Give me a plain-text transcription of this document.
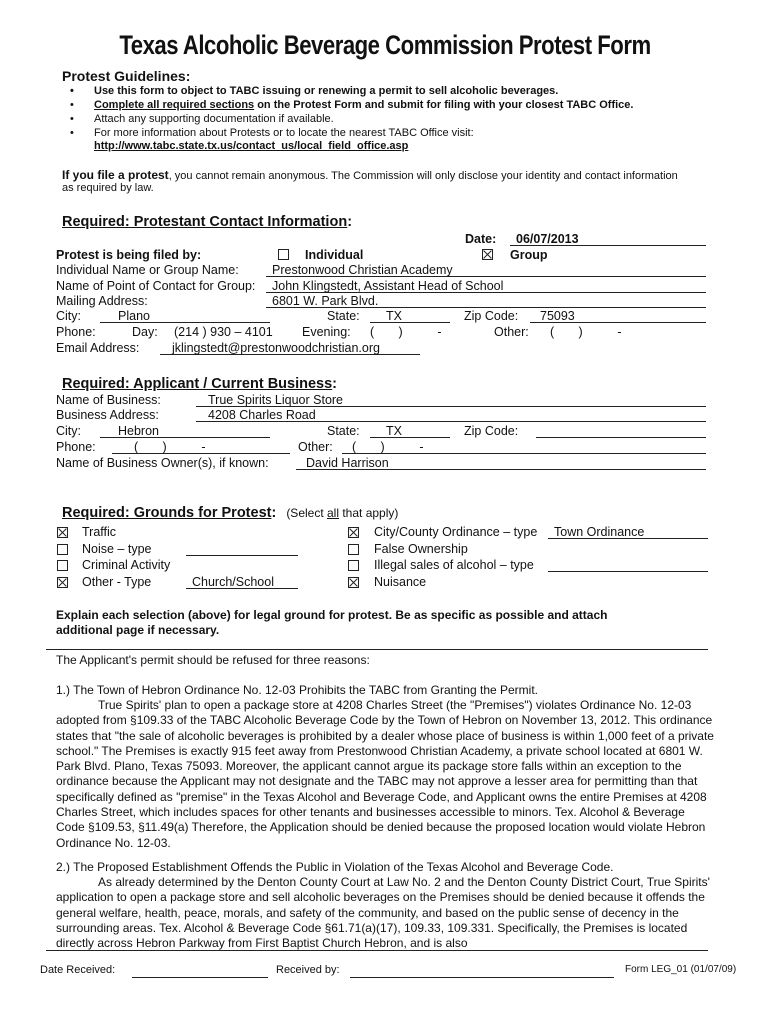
Texas Alcoholic Beverage Commission Protest Form
Protest Guidelines:
• Use this form to object to TABC issuing or renewing a permit to sell alcoholic beverages.
• Complete all required sections on the Protest Form and submit for filing with your closest TABC Office.
• Attach any supporting documentation if available.
• For more information about Protests or to locate the nearest TABC Office visit:
http://www.tabc.state.tx.us/contact_us/local_field_office.asp
If you file a protest, you cannot remain anonymous. The Commission will only disclose your identity and contact information
as required by law.
Required: Protestant Contact Information:
Date:	06/07/2013
Protest is being filed by:	Individual	Group
Individual Name or Group Name:	Prestonwood Christian Academy
Name of Point of Contact for Group:	John Klingstedt, Assistant Head of School
Mailing Address:	6801 W. Park Blvd.
City:	Plano	State:	TX	Zip Code:	75093
Phone:	Day: (214 ) 930 – 4101 Evening: (       )          -	Other: (       )          -
Email Address:	jklingstedt@prestonwoodchristian.org
Required: Applicant / Current Business:
Name of Business:	True Spirits Liquor Store
Business Address:	4208 Charles Road
City:	Hebron	State:	TX	Zip Code:
Phone:	(       )          -	Other:	(       )          -
Name of Business Owner(s), if known:	David Harrison
Required: Grounds for Protest: (Select all that apply)
Traffic
Noise – type
Criminal Activity
Other - Type	Church/School
City/County Ordinance – type	Town Ordinance
False Ownership
Illegal sales of alcohol – type
Nuisance
Explain each selection (above) for legal ground for protest. Be as specific as possible and attach
additional page if necessary.
The Applicant's permit should be refused for three reasons:
1.) The Town of Hebron Ordinance No. 12-03 Prohibits the TABC from Granting the Permit.
True Spirits' plan to open a package store at 4208 Charles Street (the "Premises") violates Ordinance No. 12-03 adopted from §109.33 of the TABC Alcoholic Beverage Code by the Town of Hebron on November 13, 2012. This ordinance states that "the sale of alcoholic beverages is prohibited by a dealer whose place of business is within 1,000 feet of a private school." The Premises is exactly 915 feet away from Prestonwood Christian Academy, a private school located at 6801 W. Park Blvd. Plano, Texas 75093. Moreover, the applicant cannot argue its package store falls within an exception to the ordinance because the Applicant may not designate and the TABC may not approve a lesser area for permitting than that specifically defined as "premise" in the Texas Alcohol and Beverage Code, and Applicant owns the entire Premises at 4208 Charles Street, which includes spaces for other tenants and businesses accessible to minors. Tex. Alcohol & Beverage Code §109.53, §11.49(a) Therefore, the Application should be denied because the proposed location would violate Hebron Ordinance No. 12-03.
2.) The Proposed Establishment Offends the Public in Violation of the Texas Alcohol and Beverage Code.
As already determined by the Denton County Court at Law No. 2 and the Denton County District Court, True Spirits' application to open a package store and sell alcoholic beverages on the Premises should be denied because it offends the general welfare, health, peace, morals, and safety of the community, and based on the public sense of decency in the surrounding areas. Tex. Alcohol & Beverage Code §61.71(a)(17), 109.33, 109.331. Specifically, the Premises is located directly across Hebron Parkway from First Baptist Church Hebron, and is also
Date Received:	Received by:	Form LEG_01 (01/07/09)
